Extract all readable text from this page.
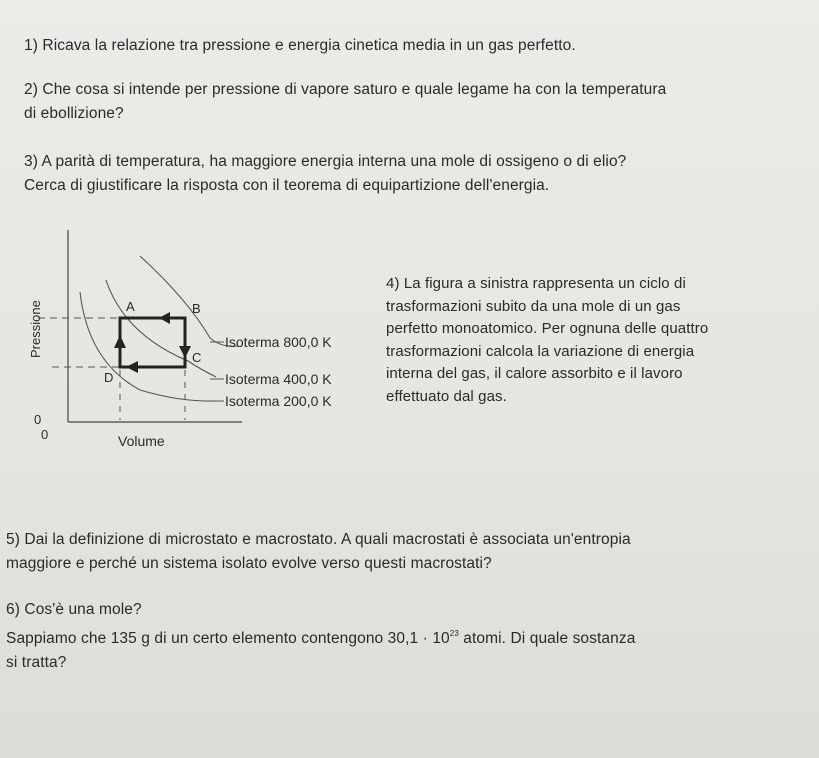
1) Ricava la relazione tra pressione e energia cinetica media in un gas perfetto.

2) Che cosa si intende per pressione di vapore saturo e quale legame ha con la temperatura

di ebollizione?

3) A parità di temperatura, ha maggiore energia interna una mole di ossigeno o di elio?

Cerca di giustificare la risposta con il teorema di equipartizione dell'energia.

A	B
C
D
Isoterma 800,0 K
Isoterma 400,0 K
Isoterma 200,0 K
Pressione
0
0	Volume

4) La figura a sinistra rappresenta un ciclo di

trasformazioni subito da una mole di un gas

perfetto monoatomico. Per ognuna delle quattro

trasformazioni calcola la variazione di energia

interna del gas, il calore assorbito e il lavoro

effettuato dal gas.

5) Dai la definizione di microstato e macrostato. A quali macrostati è associata un'entropia

maggiore e perché un sistema isolato evolve verso questi macrostati?

6) Cos'è una mole?

Sappiamo che 135 g di un certo elemento contengono $30,1 \cdot 10^{23}$ atomi. Di quale sostanza

si tratta?
